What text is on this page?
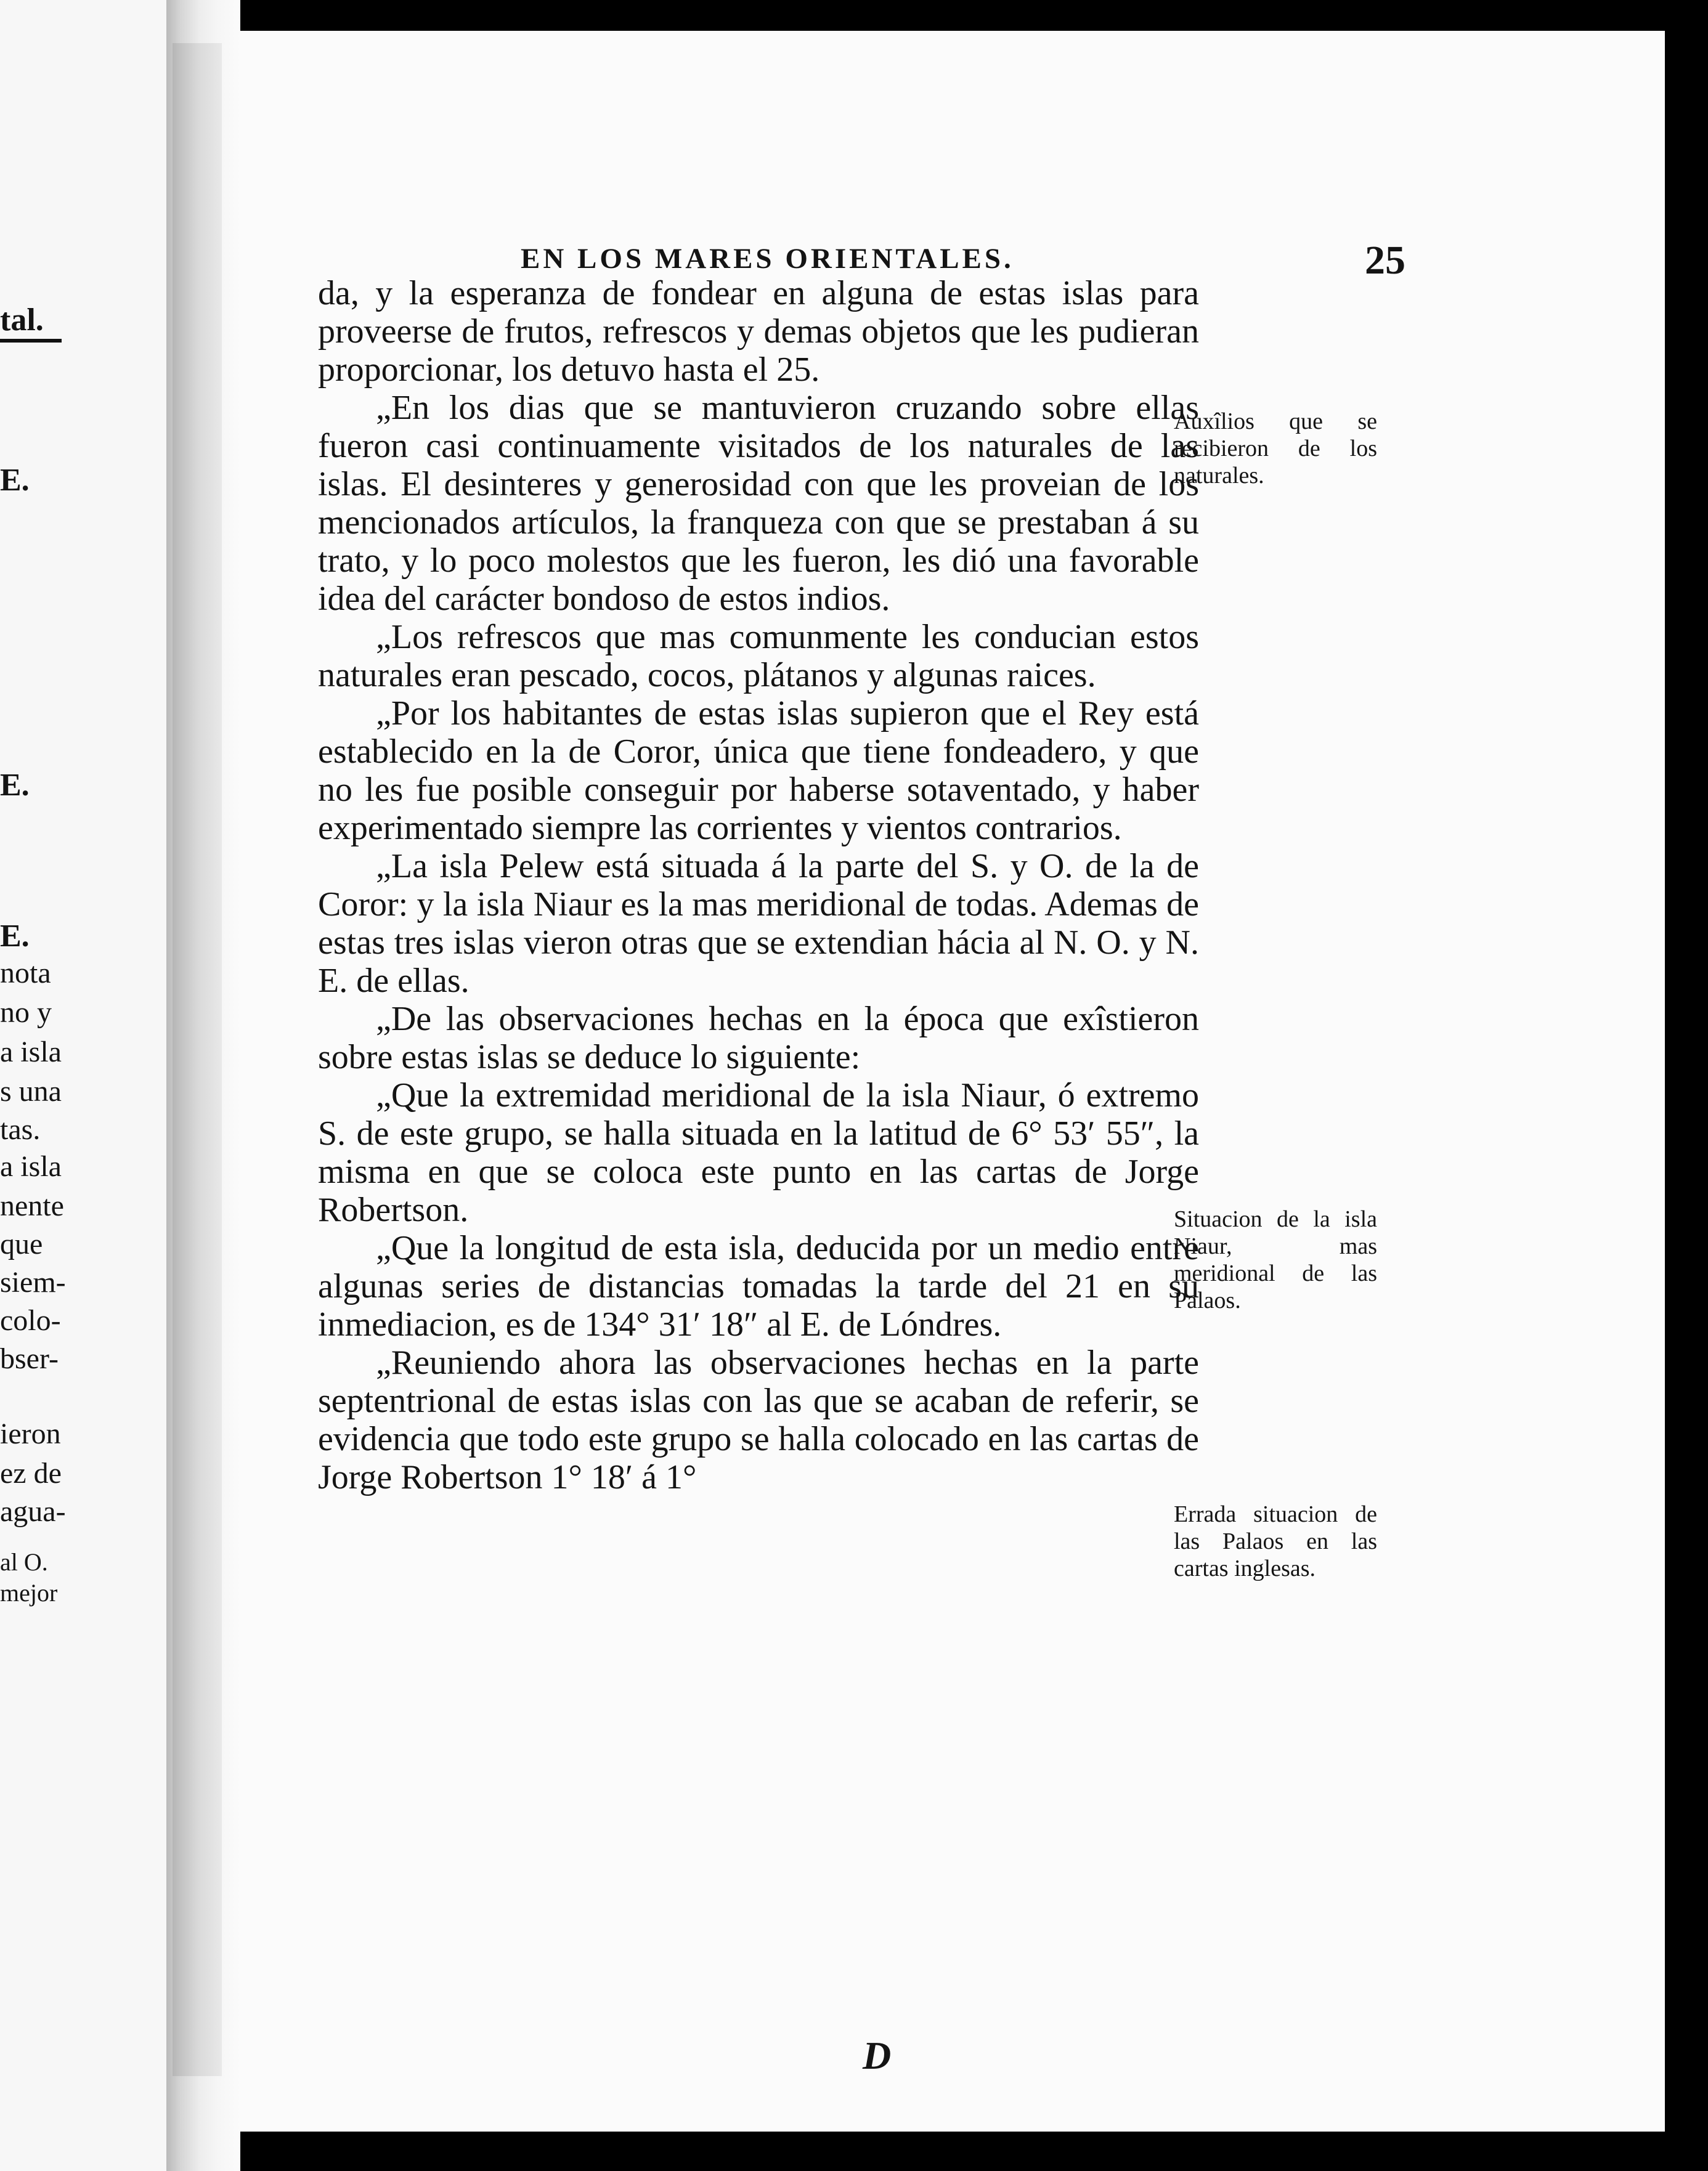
tal.
E.
E.
E.
nota
no y
a isla
s una
tas.
a isla
nente
que
siem-
colo-
bser-
ieron
ez de
agua-
al O.
mejor
EN LOS MARES ORIENTALES.	25

da, y la esperanza de fondear en alguna de estas islas para proveerse de frutos, refrescos y demas objetos que les pudieran proporcionar, los detuvo hasta el 25.

„En los dias que se mantuvieron cruzando sobre ellas fueron casi continuamente visitados de los naturales de las islas. El desinteres y generosidad con que les proveian de los mencionados artículos, la franqueza con que se prestaban á su trato, y lo poco molestos que les fueron, les dió una favorable idea del carácter bondoso de estos indios.

„Los refrescos que mas comunmente les conducian estos naturales eran pescado, cocos, plátanos y algunas raices.

„Por los habitantes de estas islas supieron que el Rey está establecido en la de Coror, única que tiene fondeadero, y que no les fue posible conseguir por haberse sotaventado, y haber experimentado siempre las corrientes y vientos contrarios.

„La isla Pelew está situada á la parte del S. y O. de la de Coror: y la isla Niaur es la mas meridional de todas. Ademas de estas tres islas vieron otras que se extendian hácia al N. O. y N. E. de ellas.

„De las observaciones hechas en la época que exîstieron sobre estas islas se deduce lo siguiente:

„Que la extremidad meridional de la isla Niaur, ó extremo S. de este grupo, se halla situada en la latitud de 6° 53′ 55″, la misma en que se coloca este punto en las cartas de Jorge Robertson.

„Que la longitud de esta isla, deducida por un medio entre algunas series de distancias tomadas la tarde del 21 en su inmediacion, es de 134° 31′ 18″ al E. de Lóndres.

„Reuniendo ahora las observaciones hechas en la parte septentrional de estas islas con las que se acaban de referir, se evidencia que todo este grupo se halla colocado en las cartas de Jorge Robertson 1° 18′ á 1°

D
Auxîlios que se recibieron de los naturales.
Situacion de la isla Niaur, mas meridional de las Palaos.
Errada situacion de las Palaos en las cartas inglesas.
